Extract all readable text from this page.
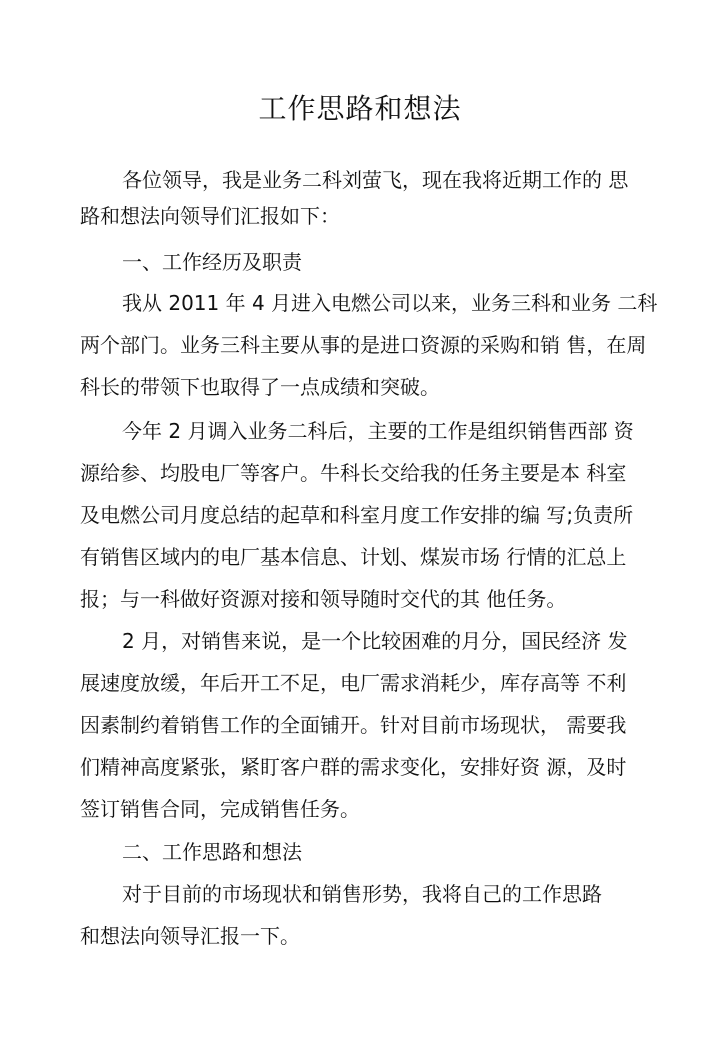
工作思路和想法
各位领导，我是业务二科刘萤飞，现在我将近期工作的 思
路和想法向领导们汇报如下：
一、工作经历及职责
我从 2011 年 4 月进入电燃公司以来，业务三科和业务 二科
两个部门。业务三科主要从事的是进口资源的采购和销 售，在周
科长的带领下也取得了一点成绩和突破。
今年 2 月调入业务二科后，主要的工作是组织销售西部 资
源给参、均股电厂等客户。牛科长交给我的任务主要是本 科室
及电燃公司月度总结的起草和科室月度工作安排的编 写;负责所
有销售区域内的电厂基本信息、计划、煤炭市场 行情的汇总上
报；与一科做好资源对接和领导随时交代的其 他任务。
2 月，对销售来说，是一个比较困难的月分，国民经济 发
展速度放缓，年后开工不足，电厂需求消耗少，库存高等 不利
因素制约着销售工作的全面铺开。针对目前市场现状， 需要我
们精神高度紧张，紧盯客户群的需求变化，安排好资 源，及时
签订销售合同，完成销售任务。
二、工作思路和想法
对于目前的市场现状和销售形势，我将自己的工作思路
和想法向领导汇报一下。
